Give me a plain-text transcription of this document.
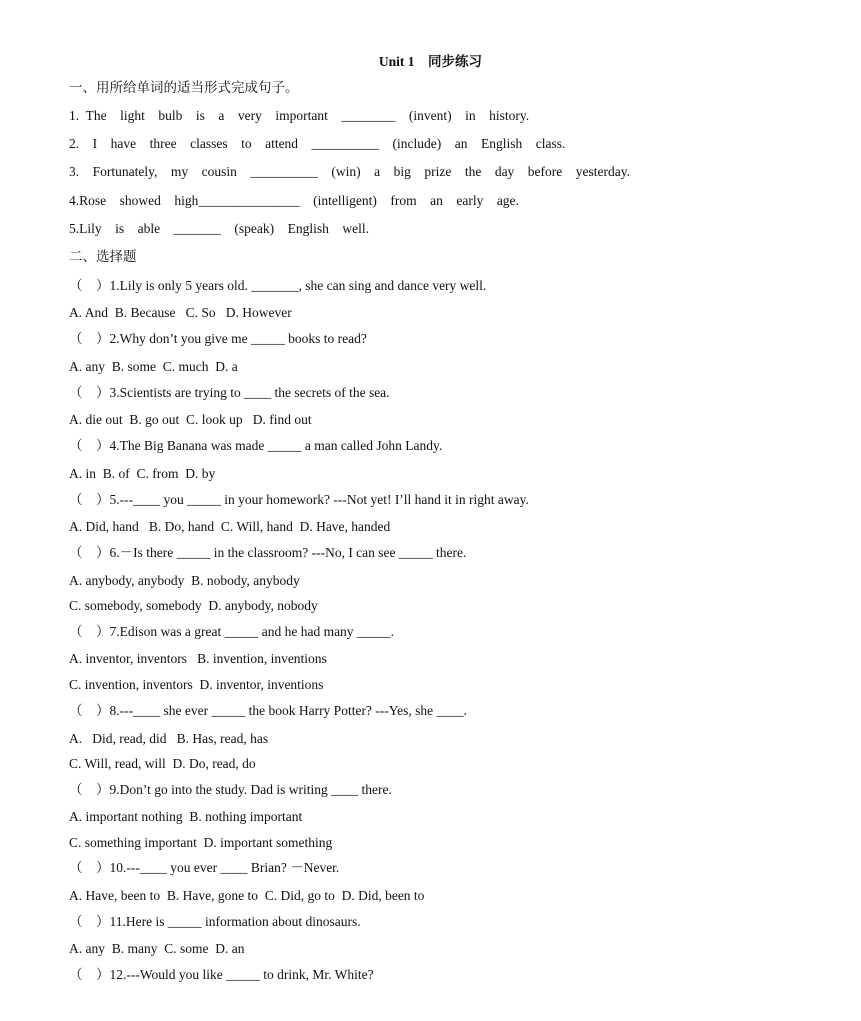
Unit 1    同步练习
一、用所给单词的适当形式完成句子。
1.  The    light    bulb    is    a    very    important    ________    (invent)    in    history.
2.    I    have    three    classes    to    attend    __________    (include)    an    English    class.
3.    Fortunately,    my    cousin    __________    (win)    a    big    prize    the    day    before    yesterday.
4.Rose    showed    high_______________    (intelligent)    from    an    early    age.
5.Lily    is    able    _______    (speak)    English    well.
二、选择题
（    ）1.Lily is only 5 years old. _______, she can sing and dance very well.
A. And  B. Because   C. So   D. However
（    ）2.Why don’t you give me _____ books to read?
A. any  B. some  C. much  D. a
（    ）3.Scientists are trying to ____ the secrets of the sea.
A. die out  B. go out  C. look up   D. find out
（    ）4.The Big Banana was made _____ a man called John Landy.
A. in  B. of  C. from  D. by
（    ）5.---____ you _____ in your homework? ---Not yet! I’ll hand it in right away.
A. Did, hand   B. Do, hand  C. Will, hand  D. Have, handed
（    ）6.－Is there _____ in the classroom? ---No, I can see _____ there.
A. anybody, anybody  B. nobody, anybody
C. somebody, somebody  D. anybody, nobody
（    ）7.Edison was a great _____ and he had many _____.
A. inventor, inventors   B. invention, inventions
C. invention, inventors  D. inventor, inventions
（    ）8.---____ she ever _____ the book Harry Potter? ---Yes, she ____.
A.   Did, read, did   B. Has, read, has
C. Will, read, will  D. Do, read, do
（    ）9.Don’t go into the study. Dad is writing ____ there.
A. important nothing  B. nothing important
C. something important  D. important something
（    ）10.---____ you ever ____ Brian? －Never.
A. Have, been to  B. Have, gone to  C. Did, go to  D. Did, been to
（    ）11.Here is _____ information about dinosaurs.
A. any  B. many  C. some  D. an
（    ）12.---Would you like _____ to drink, Mr. White?
